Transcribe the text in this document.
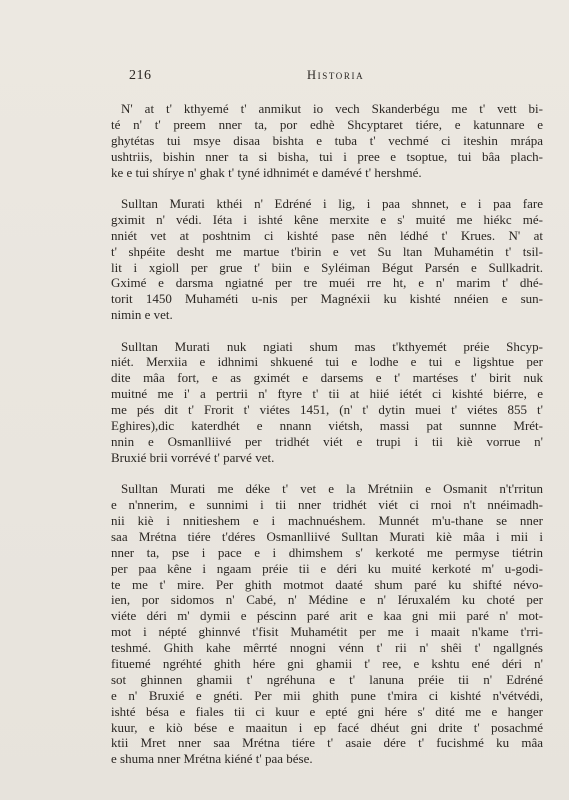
216	Historia
N' at t' kthyemé t' anmikut io vech Skanderbégu me t' vett bi-
té n' t' preem nner ta, por edhè Shcyptaret tiére, e katunnare e
ghytétas tui msye disaa bishta e tuba t' vechmé ci iteshin mrápa
ushtriis, bishin nner ta si bisha, tui i pree e tsoptue, tui bâa plach-
ke e tui shírye n' ghak t' tyné idhnimét e damévé t' hershmé.
Sulltan Murati kthéi n' Edréné i lig, i paa shnnet, e i paa fare
gximit n' védi. Iéta i ishté kêne merxite e s' muité me hiékc mé-
nniét vet at poshtnim ci kishté pase nên lédhé t' Krues. N' at
t' shpéite desht me martue t'birin e vet Su ltan Muhamétin t' tsil-
lit i xgioll per grue t' biin e Syléiman Bégut Parsén e Sullkadrit.
Gximé e darsma ngiatné per tre muéi rre ht, e n' marim t' dhé-
torit 1450 Muhaméti u-nis per Magnéxii ku kishté nnéien e sun-
nimin e vet.
Sulltan Murati nuk ngiati shum mas t'kthyemét préie Shcyp-
niét. Merxiia e idhnimi shkuené tui e lodhe e tui e ligshtue per
dite mâa fort, e as gximét e darsems e t' martéses t' birit nuk
muitné me i' a pertrii n' ftyre t' tii at hiié iétét ci kishté biérre, e
me pés dit t' Frorit t' viétes 1451, (n' t' dytin muei t' viétes 855 t'
Eghires),dic katerdhét e nnann viétsh, massi pat sunnne Mrét-
nnin e Osmanlliivé per tridhét viét e trupi i tii kiè vorrue n'
Bruxié brii vorrévé t' parvé vet.
Sulltan Murati me déke t' vet e la Mrétniin e Osmanit n't'rritun
e n'nnerim, e sunnimi i tii nner tridhét viét ci rnoi n't nnéimadh-
nii kiè i nnitieshem e i machnuéshem. Munnét m'u-thane se nner
saa Mrétna tiére t'déres Osmanlliivé Sulltan Murati kiè mâa i mii i
nner ta, pse i pace e i dhimshem s' kerkoté me permyse tiétrin
per paa kêne i ngaam préie tii e déri ku muité kerkoté m' u-godi-
te me t' mire. Per ghith motmot daaté shum paré ku shifté névo-
ien, por sidomos n' Cabé, n' Médine e n' Iéruxalém ku choté per
viéte déri m' dymii e péscinn paré arit e kaa gni mii paré n' mot-
mot i népté ghinnvé t'fisit Muhamétit per me i maait n'kame t'rri-
teshmé. Ghith kahe mêrrté nnogni vénn t' rii n' shêi t' ngallgnés
fituemé ngréhté ghith hére gni ghamii t' ree, e kshtu ené déri n'
sot ghinnen ghamii t' ngréhuna e t' lanuna préie tii n' Edréné
e n' Bruxié e gnéti. Per mii ghith pune t'mira ci kishté n'vétvédi,
ishté bésa e fiales tii ci kuur e epté gni hére s' dité me e hanger
kuur, e kiò bése e maaitun i ep facé dhéut gni drite t' posachmé
ktii Mret nner saa Mrétna tiére t' asaie dére t' fucishmé ku mâa
e shuma nner Mrétna kiéné t' paa bése.
